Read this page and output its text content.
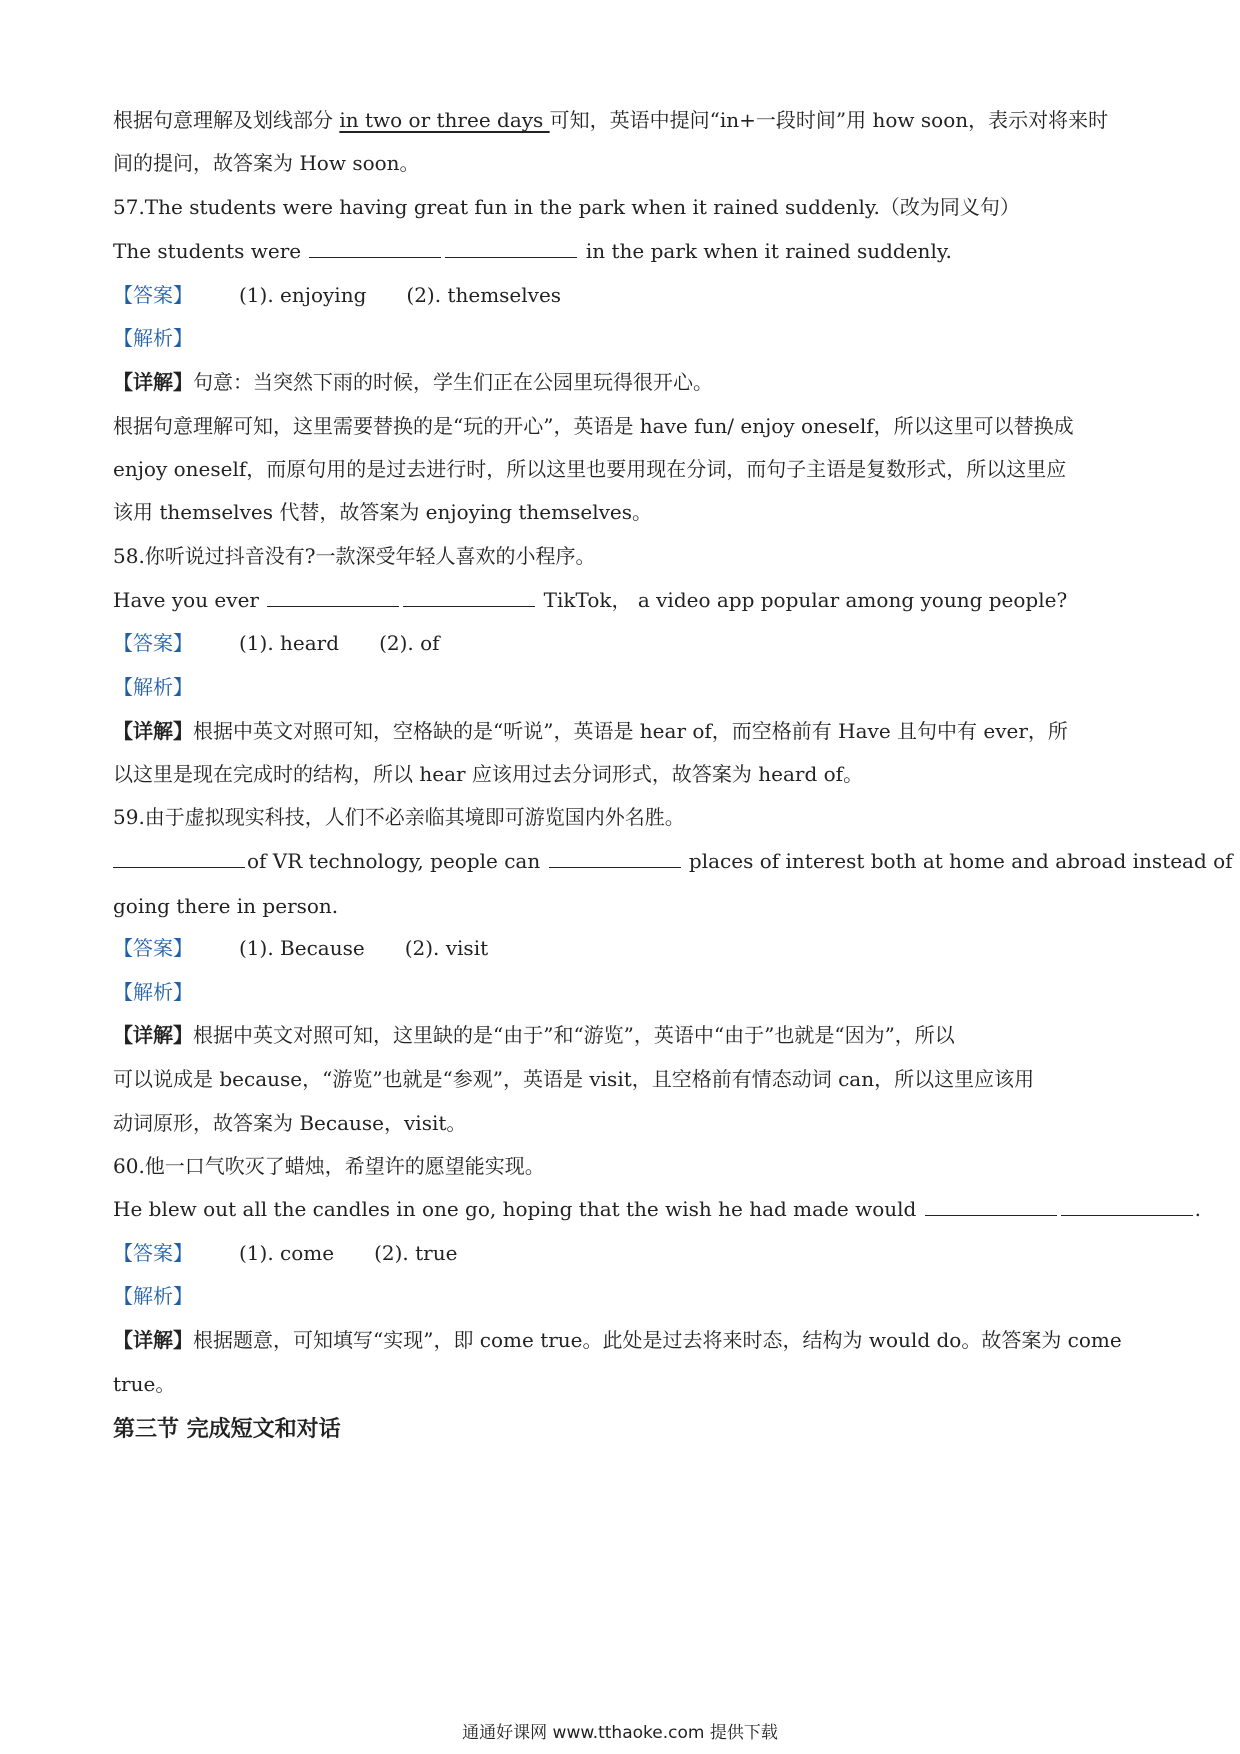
根据句意理解及划线部分 in two or three days 可知，英语中提问“in+一段时间”用 how soon，表示对将来时
间的提问，故答案为 How soon。
57.The students were having great fun in the park when it rained suddenly.（改为同义句）
The students were	in the park when it rained suddenly.
【答案】 (1). enjoying (2). themselves
【解析】
【详解】句意：当突然下雨的时候，学生们正在公园里玩得很开心。
根据句意理解可知，这里需要替换的是“玩的开心”，英语是 have fun/ enjoy oneself，所以这里可以替换成
enjoy oneself，而原句用的是过去进行时，所以这里也要用现在分词，而句子主语是复数形式，所以这里应
该用 themselves 代替，故答案为 enjoying themselves。
58.你听说过抖音没有?一款深受年轻人喜欢的小程序。
Have you ever	TikTok， a video app popular among young people?
【答案】 (1). heard (2). of
【解析】
【详解】根据中英文对照可知，空格缺的是“听说”，英语是 hear of，而空格前有 Have 且句中有 ever，所
以这里是现在完成时的结构，所以 hear 应该用过去分词形式，故答案为 heard of。
59.由于虚拟现实科技，人们不必亲临其境即可游览国内外名胜。
of VR technology, people can	places of interest both at home and abroad instead of
going there in person.
【答案】 (1). Because (2). visit
【解析】
【详解】根据中英文对照可知，这里缺的是“由于”和“游览”，英语中“由于”也就是“因为”，所以
可以说成是 because，“游览”也就是“参观”，英语是 visit，且空格前有情态动词 can，所以这里应该用
动词原形，故答案为 Because，visit。
60.他一口气吹灭了蜡烛，希望许的愿望能实现。
He blew out all the candles in one go, hoping that the wish he had made would	.
【答案】 (1). come (2). true
【解析】
【详解】根据题意，可知填写“实现”，即 come true。此处是过去将来时态，结构为 would do。故答案为 come
true。
第三节 完成短文和对话
通通好课网 www.tthaoke.com 提供下载
